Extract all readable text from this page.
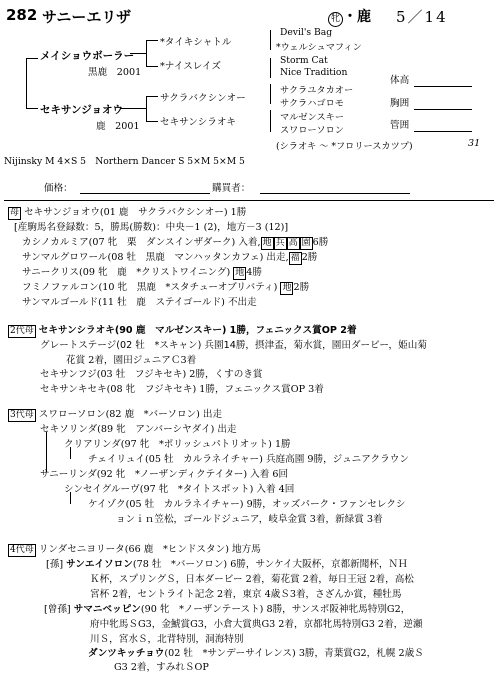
282 サニーエリザ	牝 ・鹿 5／14
メイショウボーラー
黒鹿　2001
*タイキシャトル
*ナイスレイズ
Devil's Bag
*ウェルシュマフィン
Storm Cat
Nice Tradition
セキサンジョオウ
鹿　2001
サクラバクシンオー
セキサンシラオキ
サクラユタカオー
サクラハゴロモ
マルゼンスキー
スワローソロン
(シラオキ ～ *フロリースカツプ)	31
体高
胸囲
管囲
Nijinsky M 4×S 5　Northern Dancer S 5×M 5×M 5
価格：	購買者：
母 セキサンジョオウ(01 鹿　サクラバクシンオー) 1勝
[産駒馬名登録数：5，勝馬(勝数)：中央－1 (2)，地方－3 (12)]
カシノカルミア(07 牝　栗　ダンスインザダーク) 入着, 地 兵 高 園 6勝
サンマルグロワール(08 牡　黒鹿　マンハッタンカフェ) 出走, 福 2勝
サニークリス(09 牝　鹿　*クリストワイニング) 地 4勝
フミノファルコン(10 牝　黒鹿　*スタチューオブリバティ) 地 2勝
サンマルゴールド(11 牡　鹿　ステイゴールド) 不出走
2代母 セキサンシラオキ(90 鹿　マルゼンスキー) 1勝，フェニックス賞OP 2着
グレートステージ(02 牡　*スキャン) 兵園14勝，摂津盃，菊水賞，園田ダービー，姫山菊
花賞 2着，園田ジュニアＣ3着
セキサンフジ(03 牡　フジキセキ) 2勝，くすのき賞
セキサンキセキ(08 牝　フジキセキ) 1勝，フェニックス賞OP 3着
3代母 スワローソロン(82 鹿　*バーソロン) 出走
セキソリンダ(89 牝　アンバーシヤダイ) 出走
クリアリンダ(97 牝　*ポリッシュパトリオット) 1勝
チェイリュイ(05 牡　カルラネイチャー) 兵庭高園 9勝，ジュニアクラウン
サニーリンダ(92 牝　*ノーザンディクテイター) 入着 6回
シンセイグルーヴ(97 牝　*タイトスポット) 入着 4回
ケイゾク(05 牡　カルラネイチャー) 9勝，オッズパーク・ファンセレクシ
ョンｉｎ笠松，ゴールドジュニア，岐阜金賞 3着，新緑賞 3着
4代母 リンダセニヨリータ(66 鹿　*ヒンドスタン) 地方馬
[孫] サンエイソロン(78 牡　*バーソロン) 6勝，サンケイ大阪杯，京都新聞杯，ＮＨ
Ｋ杯，スプリングＳ，日本ダービー 2着，菊花賞 2着，毎日王冠 2着，高松
宮杯 2着，セントライト記念 2着，東京 4歳Ｓ3着，さざんか賞，種牡馬
[曾孫] サマニベッピン(90 牝　*ノーザンテースト) 8勝，サンスポ阪神牝馬特別G2，
府中牝馬ＳG3，金鯱賞G3，小倉大賞典G3 2着，京都牝馬特別G3 2着，逆瀬
川Ｓ，宮水Ｓ，北背特別，洞海特別
ダンツキッチョウ(02 牡　*サンデーサイレンス) 3勝，青葉賞G2，札幌 2歳Ｓ
G3 2着，すみれＳOP
